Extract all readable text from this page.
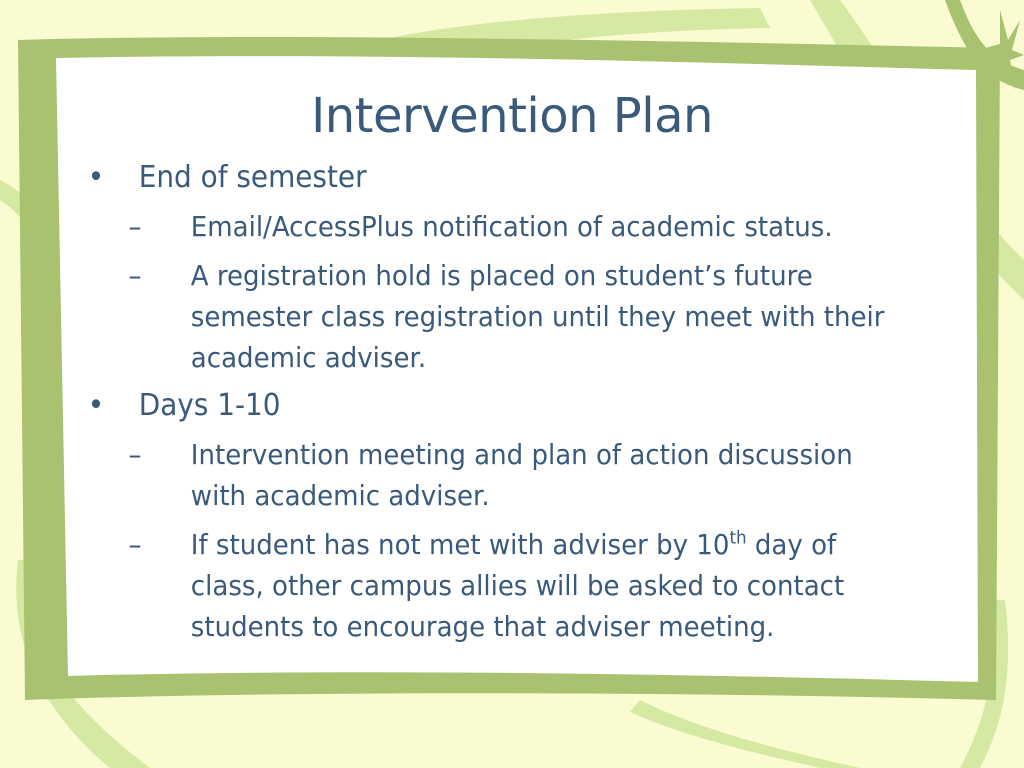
Intervention Plan
• End of semester
– Email/AccessPlus notification of academic status.
– A registration hold is placed on student’s future semester class registration until they meet with their academic adviser.
• Days 1-10
– Intervention meeting and plan of action discussion with academic adviser.
– If student has not met with adviser by 10th day of class, other campus allies will be asked to contact students to encourage that adviser meeting.
